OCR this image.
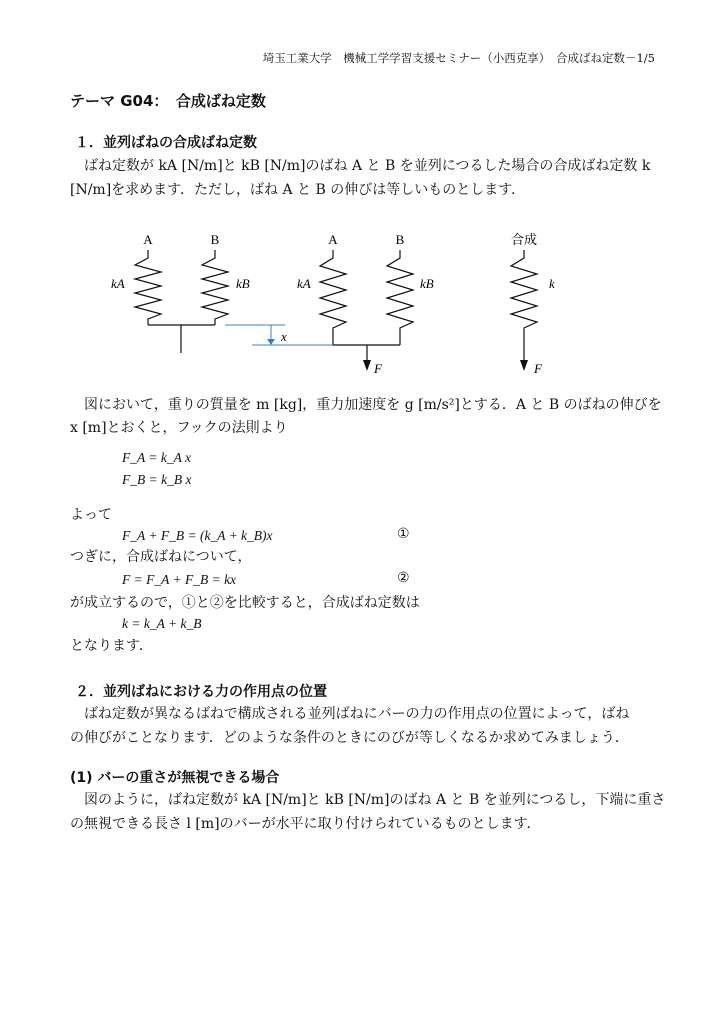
埼玉工業大学　機械工学学習支援セミナー（小西克享）　合成ばね定数－1/5
テーマ G04：　合成ばね定数
１．並列ばねの合成ばね定数
ばね定数が kA [N/m]と kB [N/m]のばね A と B を並列につるした場合の合成ばね定数 k
[N/m]を求めます．ただし，ばね A と B の伸びは等しいものとします．
A	B	A	B	合成
kA	kB	kA	kB	k
x
F	F
図において，重りの質量を m [kg]，重力加速度を g [m/s²]とする．A と B のばねの伸びを
x [m]とおくと，フックの法則より
F_A = k_A x
F_B = k_B x
よって
F_A + F_B = (k_A + k_B)x	①
つぎに，合成ばねについて，
F = F_A + F_B = kx	②
が成立するので，①と②を比較すると，合成ばね定数は
k = k_A + k_B
となります．
２．並列ばねにおける力の作用点の位置
ばね定数が異なるばねで構成される並列ばねにバーの力の作用点の位置によって，ばね
の伸びがことなります．どのような条件のときにのびが等しくなるか求めてみましょう．
(1) バーの重さが無視できる場合
図のように，ばね定数が kA [N/m]と kB [N/m]のばね A と B を並列につるし，下端に重さ
の無視できる長さ l [m]のバーが水平に取り付けられているものとします．
